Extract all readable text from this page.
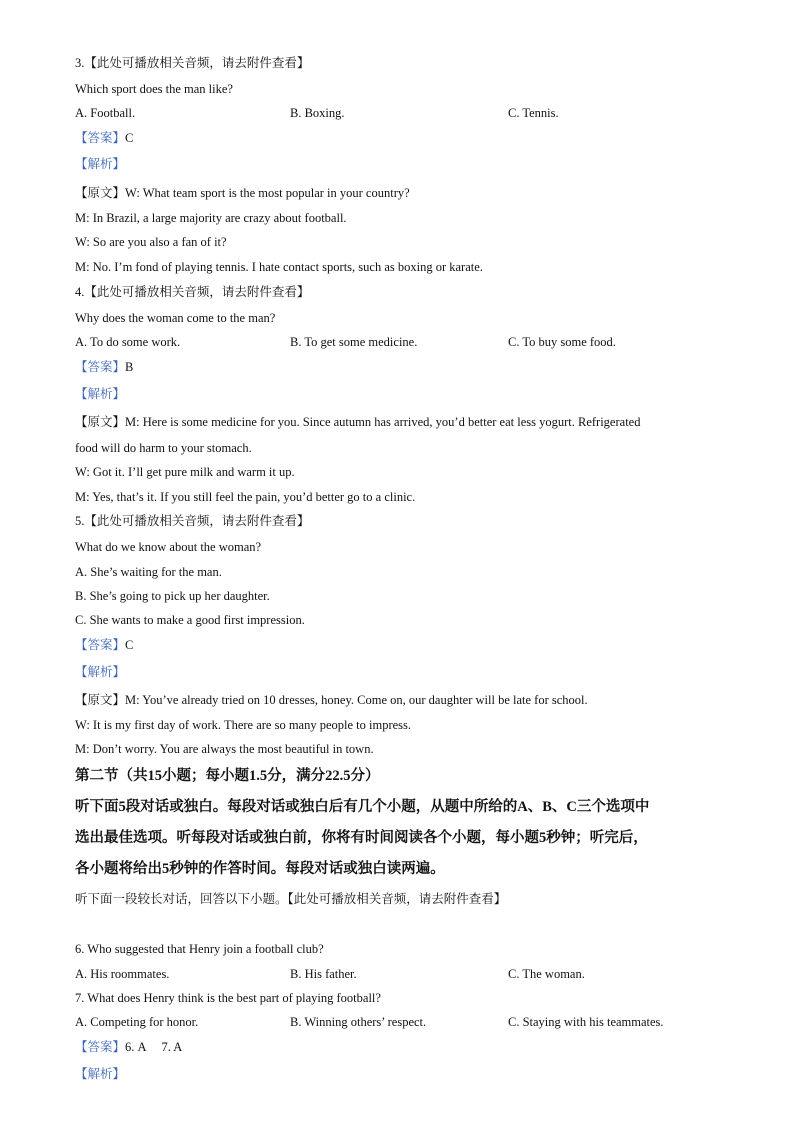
3.【此处可播放相关音频，请去附件查看】
Which sport does the man like?
A. Football.	B. Boxing.	C. Tennis.
【答案】C
【解析】
【原文】W: What team sport is the most popular in your country?
M: In Brazil, a large majority are crazy about football.
W: So are you also a fan of it?
M: No. I’m fond of playing tennis. I hate contact sports, such as boxing or karate.
4.【此处可播放相关音频，请去附件查看】
Why does the woman come to the man?
A. To do some work.	B. To get some medicine.	C. To buy some food.
【答案】B
【解析】
【原文】M: Here is some medicine for you. Since autumn has arrived, you’d better eat less yogurt. Refrigerated
food will do harm to your stomach.
W: Got it. I’ll get pure milk and warm it up.
M: Yes, that’s it. If you still feel the pain, you’d better go to a clinic.
5.【此处可播放相关音频，请去附件查看】
What do we know about the woman?
A. She’s waiting for the man.
B. She’s going to pick up her daughter.
C. She wants to make a good first impression.
【答案】C
【解析】
【原文】M: You’ve already tried on 10 dresses, honey. Come on, our daughter will be late for school.
W: It is my first day of work. There are so many people to impress.
M: Don’t worry. You are always the most beautiful in town.
第二节（共15小题；每小题1.5分，满分22.5分）
听下面5段对话或独白。每段对话或独白后有几个小题，从题中所给的A、B、C三个选项中
选出最佳选项。听每段对话或独白前，你将有时间阅读各个小题，每小题5秒钟；听完后，
各小题将给出5秒钟的作答时间。每段对话或独白读两遍。
听下面一段较长对话，回答以下小题。【此处可播放相关音频，请去附件查看】
6. Who suggested that Henry join a football club?
A. His roommates.	B. His father.	C. The woman.
7. What does Henry think is the best part of playing football?
A. Competing for honor.	B. Winning others’ respect.	C. Staying with his teammates.
【答案】6. A　 7. A
【解析】
